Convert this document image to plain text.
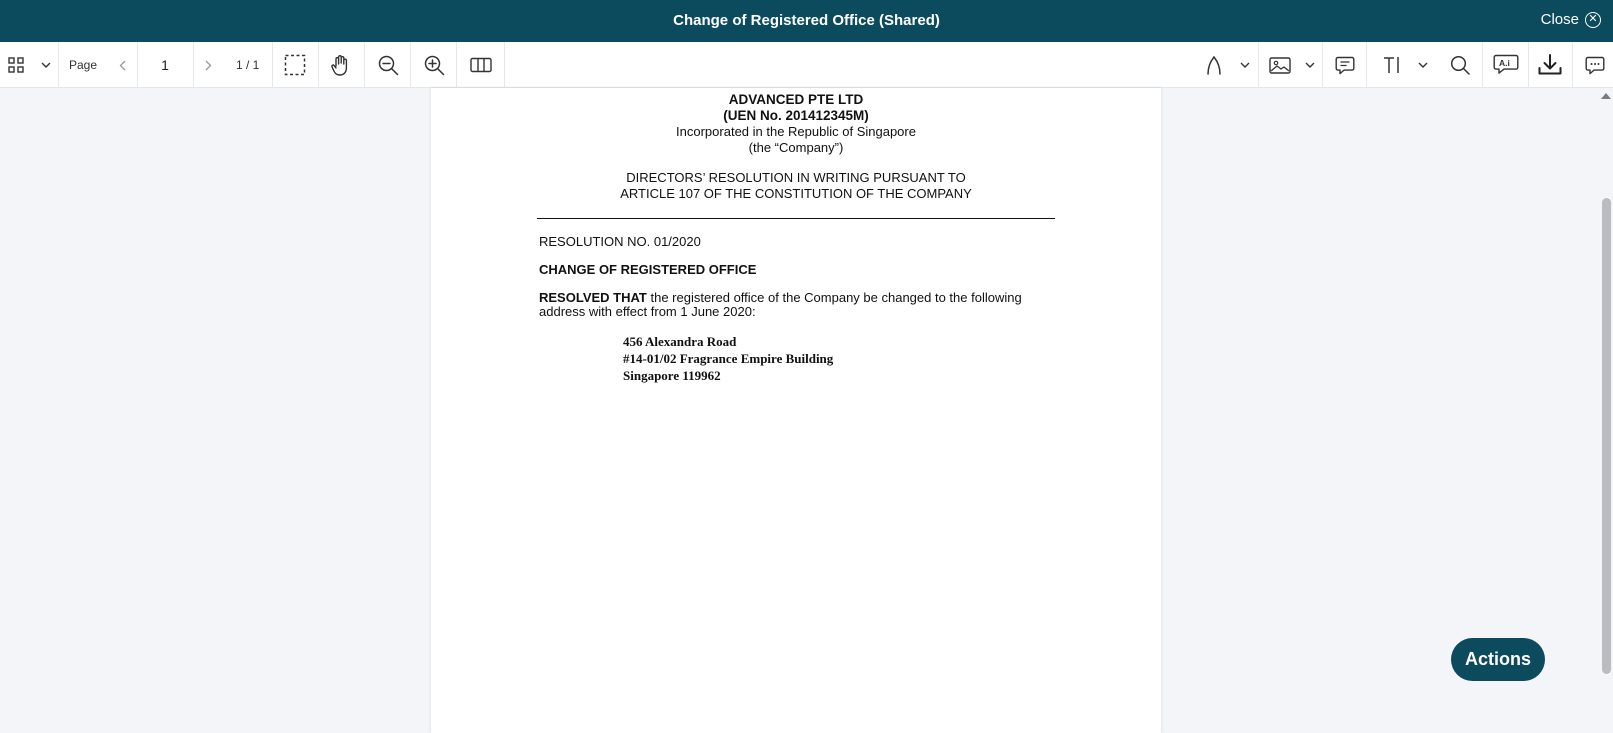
Change of Registered Office (Shared)	Close ✕
Page
1	1 / 1	A.i
ADVANCED PTE LTD
(UEN No. 201412345M)
Incorporated in the Republic of Singapore
(the “Company”)
DIRECTORS’ RESOLUTION IN WRITING PURSUANT TO
ARTICLE 107 OF THE CONSTITUTION OF THE COMPANY
RESOLUTION NO. 01/2020
CHANGE OF REGISTERED OFFICE
RESOLVED THAT the registered office of the Company be changed to the following address with effect from 1 June 2020:
456 Alexandra Road
#14-01/02 Fragrance Empire Building
Singapore 119962
Actions
